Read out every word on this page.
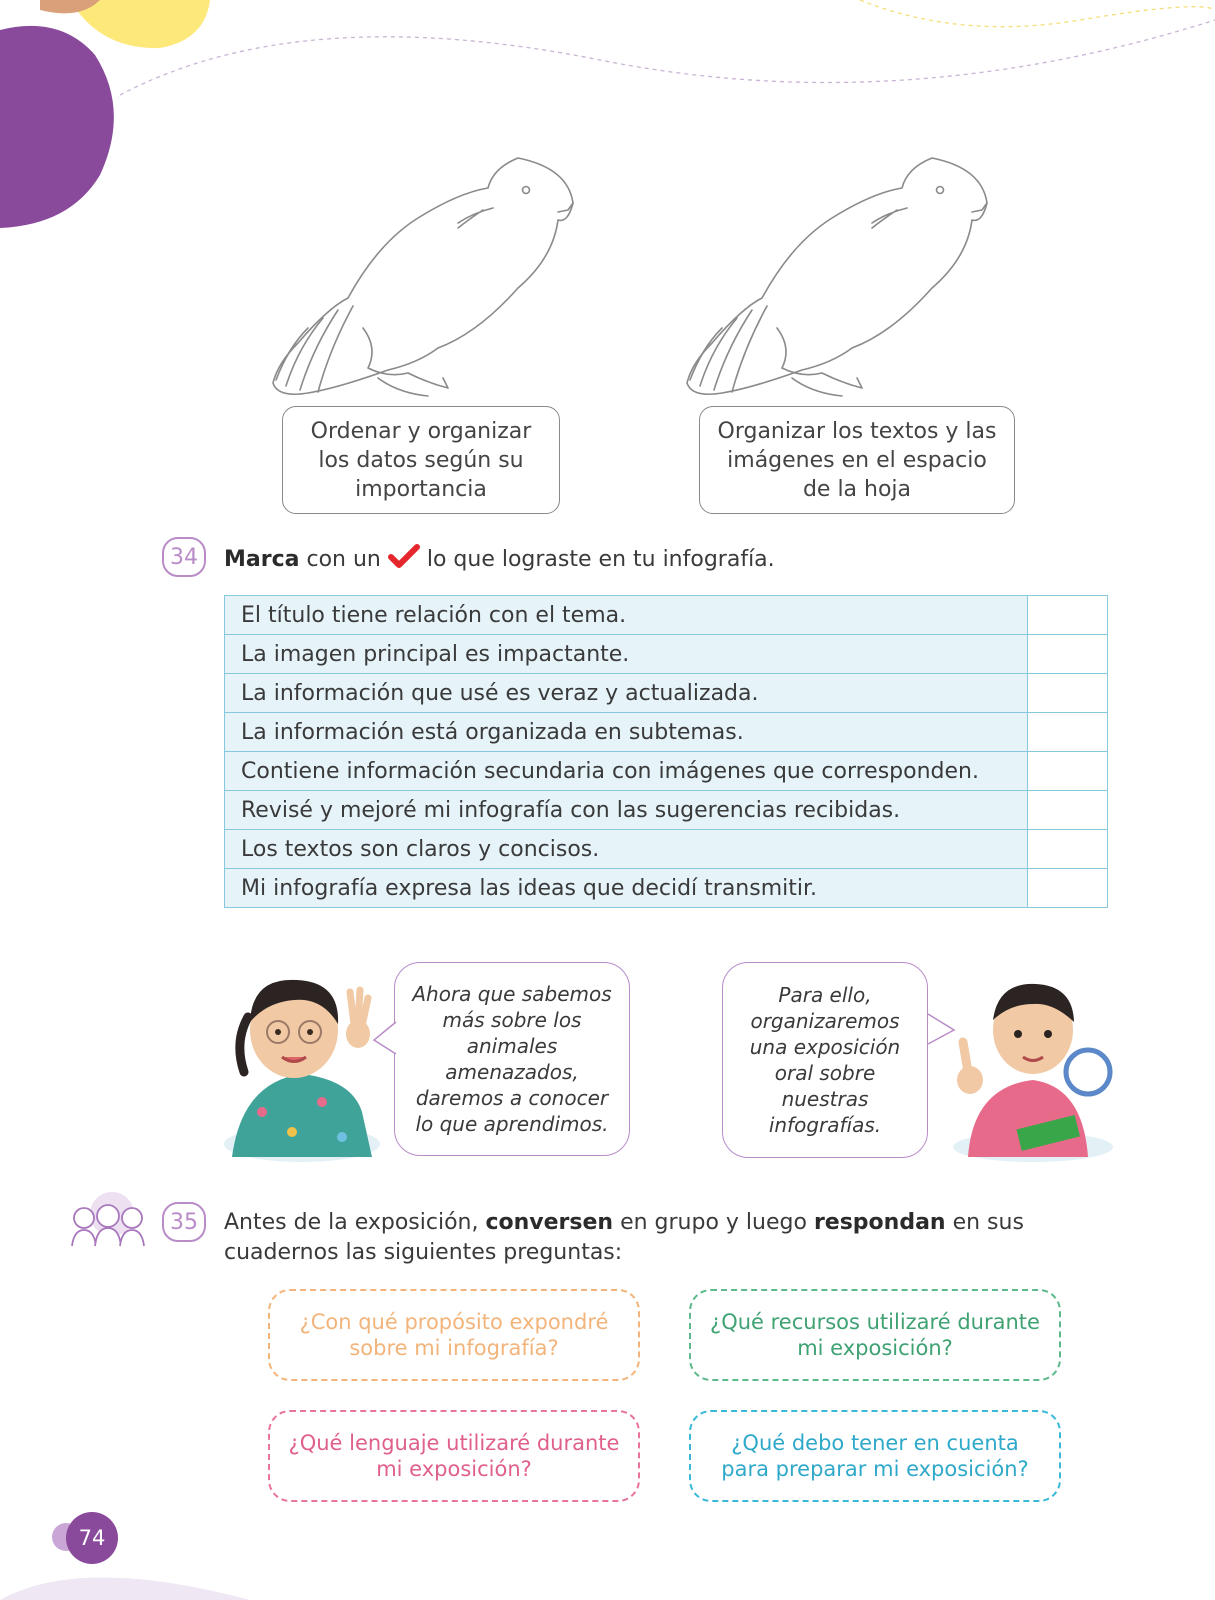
Ordenar y organizar los datos según su importancia
Organizar los textos y las imágenes en el espacio de la hoja
34	Marca con un  lo que lograste en tu infografía.
El título tiene relación con el tema.	
La imagen principal es impactante.	
La información que usé es veraz y actualizada.	
La información está organizada en subtemas.	
Contiene información secundaria con imágenes que corresponden.	
Revisé y mejoré mi infografía con las sugerencias recibidas.	
Los textos son claros y concisos.	
Mi infografía expresa las ideas que decidí transmitir.	
Ahora que sabemos más sobre los animales amenazados, daremos a conocer lo que aprendimos.
Para ello, organizaremos una exposición oral sobre nuestras infografías.
35	Antes de la exposición, conversen en grupo y luego respondan en sus cuadernos las siguientes preguntas:
¿Con qué propósito expondré sobre mi infografía?
¿Qué recursos utilizaré durante mi exposición?
¿Qué lenguaje utilizaré durante mi exposición?
¿Qué debo tener en cuenta para preparar mi exposición?
74
